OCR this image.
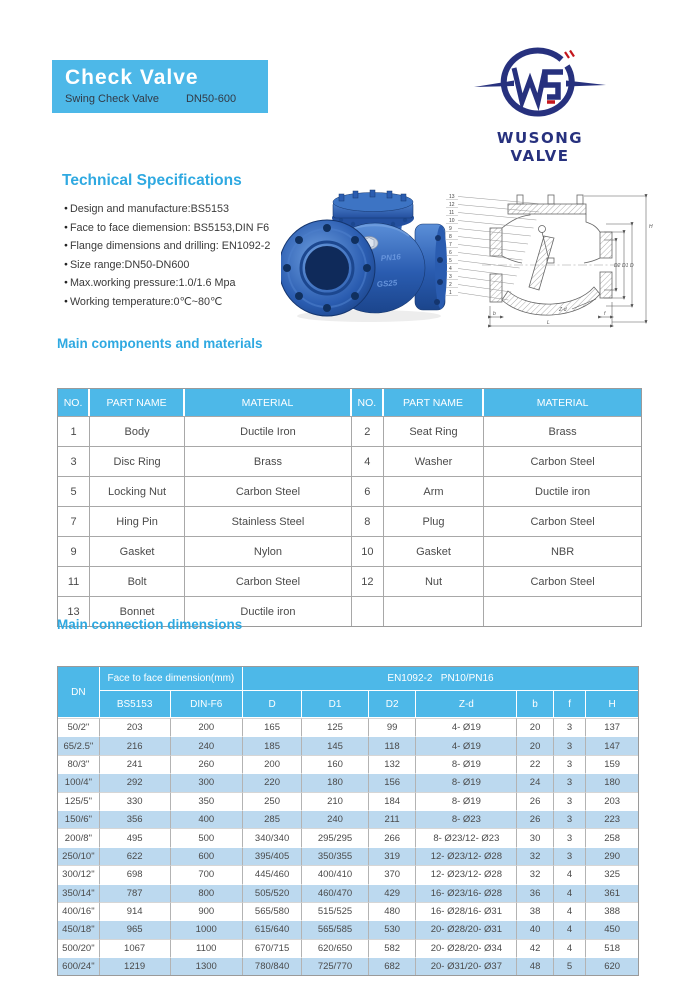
Check Valve
Swing Check Valve DN50-600
WUSONG VALVE
Technical Specifications
● Design and manufacture:BS5153
● Face to face diemension: BS5153,DIN F6
● Flange dimensions and drilling: EN1092-2
● Size range:DN50-DN600
● Max.working pressure:1.0/1.6 Mpa
● Working temperature:0℃~80℃
PN16
GS25
13
12
11
10
9
8
7
6
5
4
3
2
1
L
Z-d
b	f
D2 D1 D
H
Main components and materials
NO.	PART NAME	MATERIAL	NO.	PART NAME	MATERIAL
1	Body	Ductile Iron	2	Seat Ring	Brass
3	Disc Ring	Brass	4	Washer	Carbon Steel
5	Locking Nut	Carbon Steel	6	Arm	Ductile iron
7	Hing Pin	Stainless Steel	8	Plug	Carbon Steel
9	Gasket	Nylon	10	Gasket	NBR
11	Bolt	Carbon Steel	12	Nut	Carbon Steel
13	Bonnet	Ductile iron			
Main connection dimensions
DN	Face to face dimension(mm)		EN1092-2   PN10/PN16						
	BS5153	DIN-F6	D	D1	D2	Z-d	b	f	H
50/2"	203	200	165	125	99	4- Ø19	20	3	137
65/2.5"	216	240	185	145	118	4- Ø19	20	3	147
80/3"	241	260	200	160	132	8- Ø19	22	3	159
100/4"	292	300	220	180	156	8- Ø19	24	3	180
125/5"	330	350	250	210	184	8- Ø19	26	3	203
150/6"	356	400	285	240	211	8- Ø23	26	3	223
200/8"	495	500	340/340	295/295	266	8- Ø23/12- Ø23	30	3	258
250/10"	622	600	395/405	350/355	319	12- Ø23/12- Ø28	32	3	290
300/12"	698	700	445/460	400/410	370	12- Ø23/12- Ø28	32	4	325
350/14"	787	800	505/520	460/470	429	16- Ø23/16- Ø28	36	4	361
400/16"	914	900	565/580	515/525	480	16- Ø28/16- Ø31	38	4	388
450/18"	965	1000	615/640	565/585	530	20- Ø28/20- Ø31	40	4	450
500/20"	1067	1100	670/715	620/650	582	20- Ø28/20- Ø34	42	4	518
600/24"	1219	1300	780/840	725/770	682	20- Ø31/20- Ø37	48	5	620
